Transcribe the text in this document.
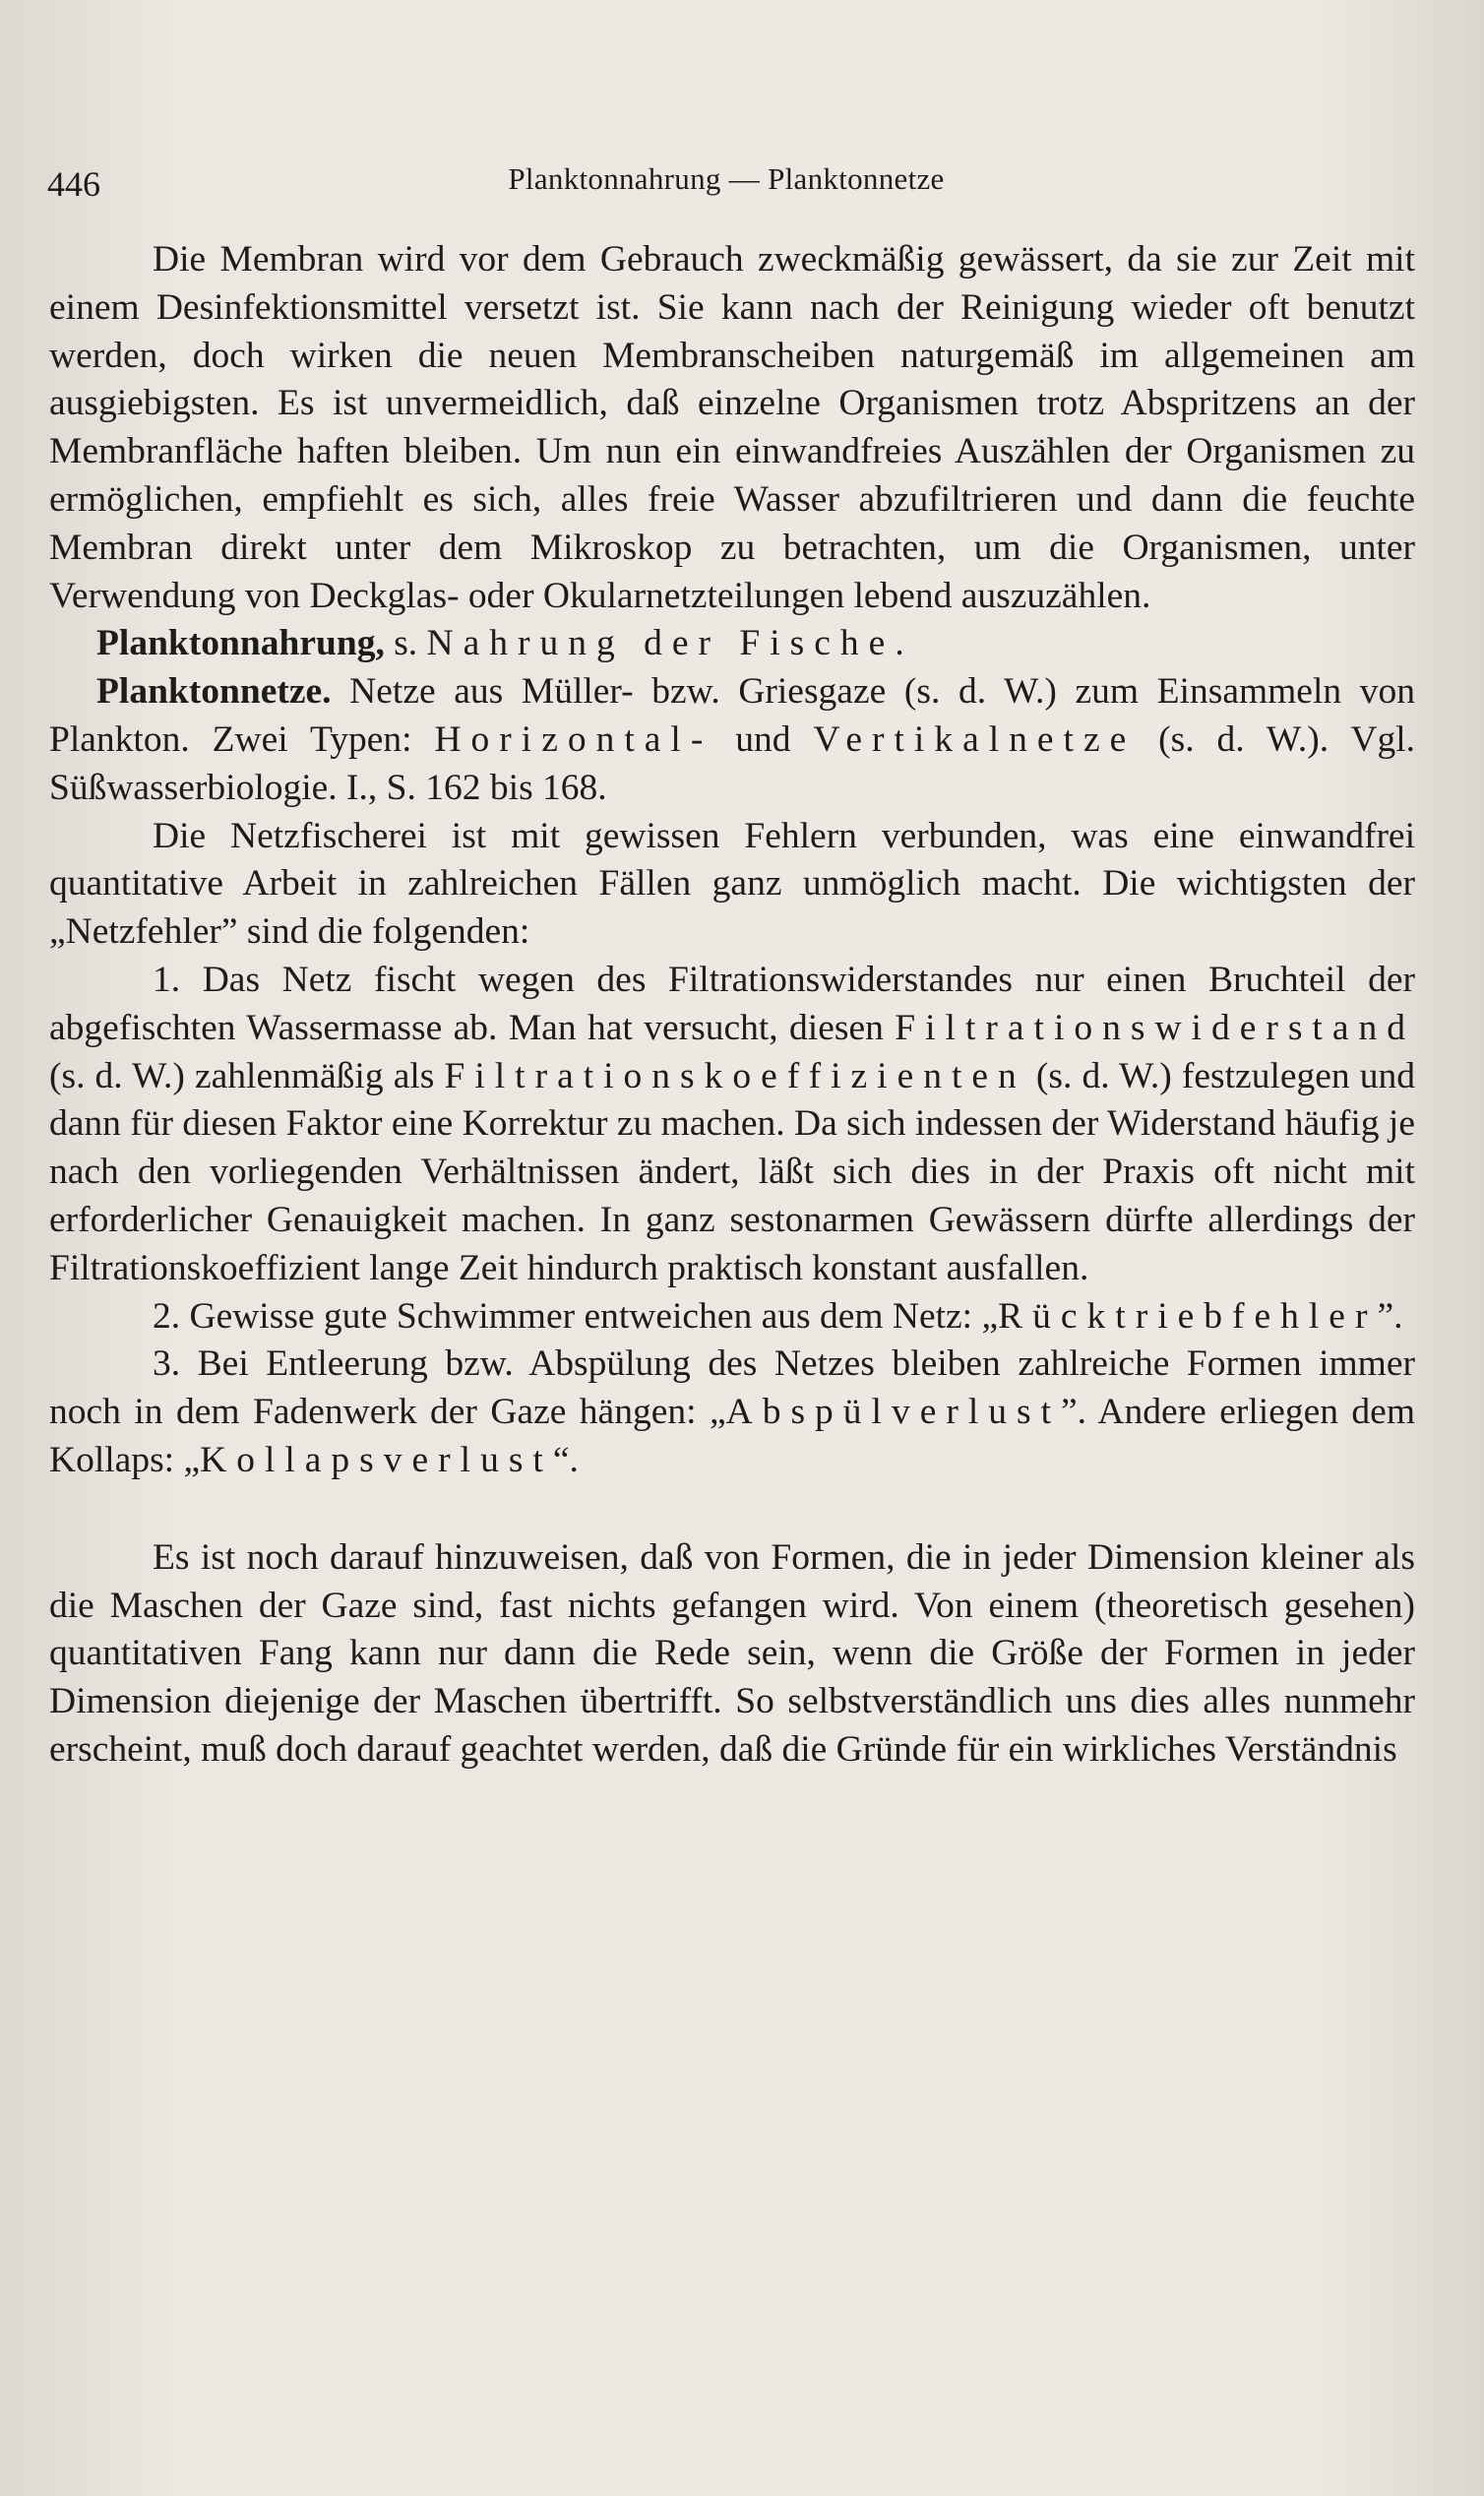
446	Planktonnahrung — Planktonnetze

Die Membran wird vor dem Gebrauch zweckmäßig gewässert, da sie zur Zeit mit einem Desinfektionsmittel versetzt ist. Sie kann nach der Reinigung wieder oft benutzt werden, doch wirken die neuen Membranscheiben naturgemäß im allgemeinen am ausgiebigsten. Es ist unvermeidlich, daß einzelne Organismen trotz Abspritzens an der Membranfläche haften bleiben. Um nun ein einwandfreies Auszählen der Organismen zu ermöglichen, empfiehlt es sich, alles freie Wasser abzufiltrieren und dann die feuchte Membran direkt unter dem Mikroskop zu betrachten, um die Organismen, unter Verwendung von Deckglas- oder Okularnetzteilungen lebend auszuzählen.

Planktonnahrung, s. Nahrung der Fische.

Planktonnetze. Netze aus Müller- bzw. Griesgaze (s. d. W.) zum Einsammeln von Plankton. Zwei Typen: Horizontal- und Vertikalnetze (s. d. W.). Vgl. Süßwasserbiologie. I., S. 162 bis 168.

Die Netzfischerei ist mit gewissen Fehlern verbunden, was eine einwandfrei quantitative Arbeit in zahlreichen Fällen ganz unmöglich macht. Die wichtigsten der „Netzfehler” sind die folgenden:

1. Das Netz fischt wegen des Filtrationswiderstandes nur einen Bruchteil der abgefischten Wassermasse ab. Man hat versucht, diesen Filtrationswiderstand (s. d. W.) zahlenmäßig als Filtrationskoeffizienten (s. d. W.) festzulegen und dann für diesen Faktor eine Korrektur zu machen. Da sich indessen der Widerstand häufig je nach den vorliegenden Verhältnissen ändert, läßt sich dies in der Praxis oft nicht mit erforderlicher Genauigkeit machen. In ganz sestonarmen Gewässern dürfte allerdings der Filtrationskoeffizient lange Zeit hindurch praktisch konstant ausfallen.

2. Gewisse gute Schwimmer entweichen aus dem Netz: „Rücktriebfehler”.

3. Bei Entleerung bzw. Abspülung des Netzes bleiben zahlreiche Formen immer noch in dem Fadenwerk der Gaze hängen: „Abspülverlust”. Andere erliegen dem Kollaps: „Kollapsverlust“.

Es ist noch darauf hinzuweisen, daß von Formen, die in jeder Dimension kleiner als die Maschen der Gaze sind, fast nichts gefangen wird. Von einem (theoretisch gesehen) quantitativen Fang kann nur dann die Rede sein, wenn die Größe der Formen in jeder Dimension diejenige der Maschen übertrifft. So selbstverständlich uns dies alles nunmehr erscheint, muß doch darauf geachtet werden, daß die Gründe für ein wirkliches Verständnis
